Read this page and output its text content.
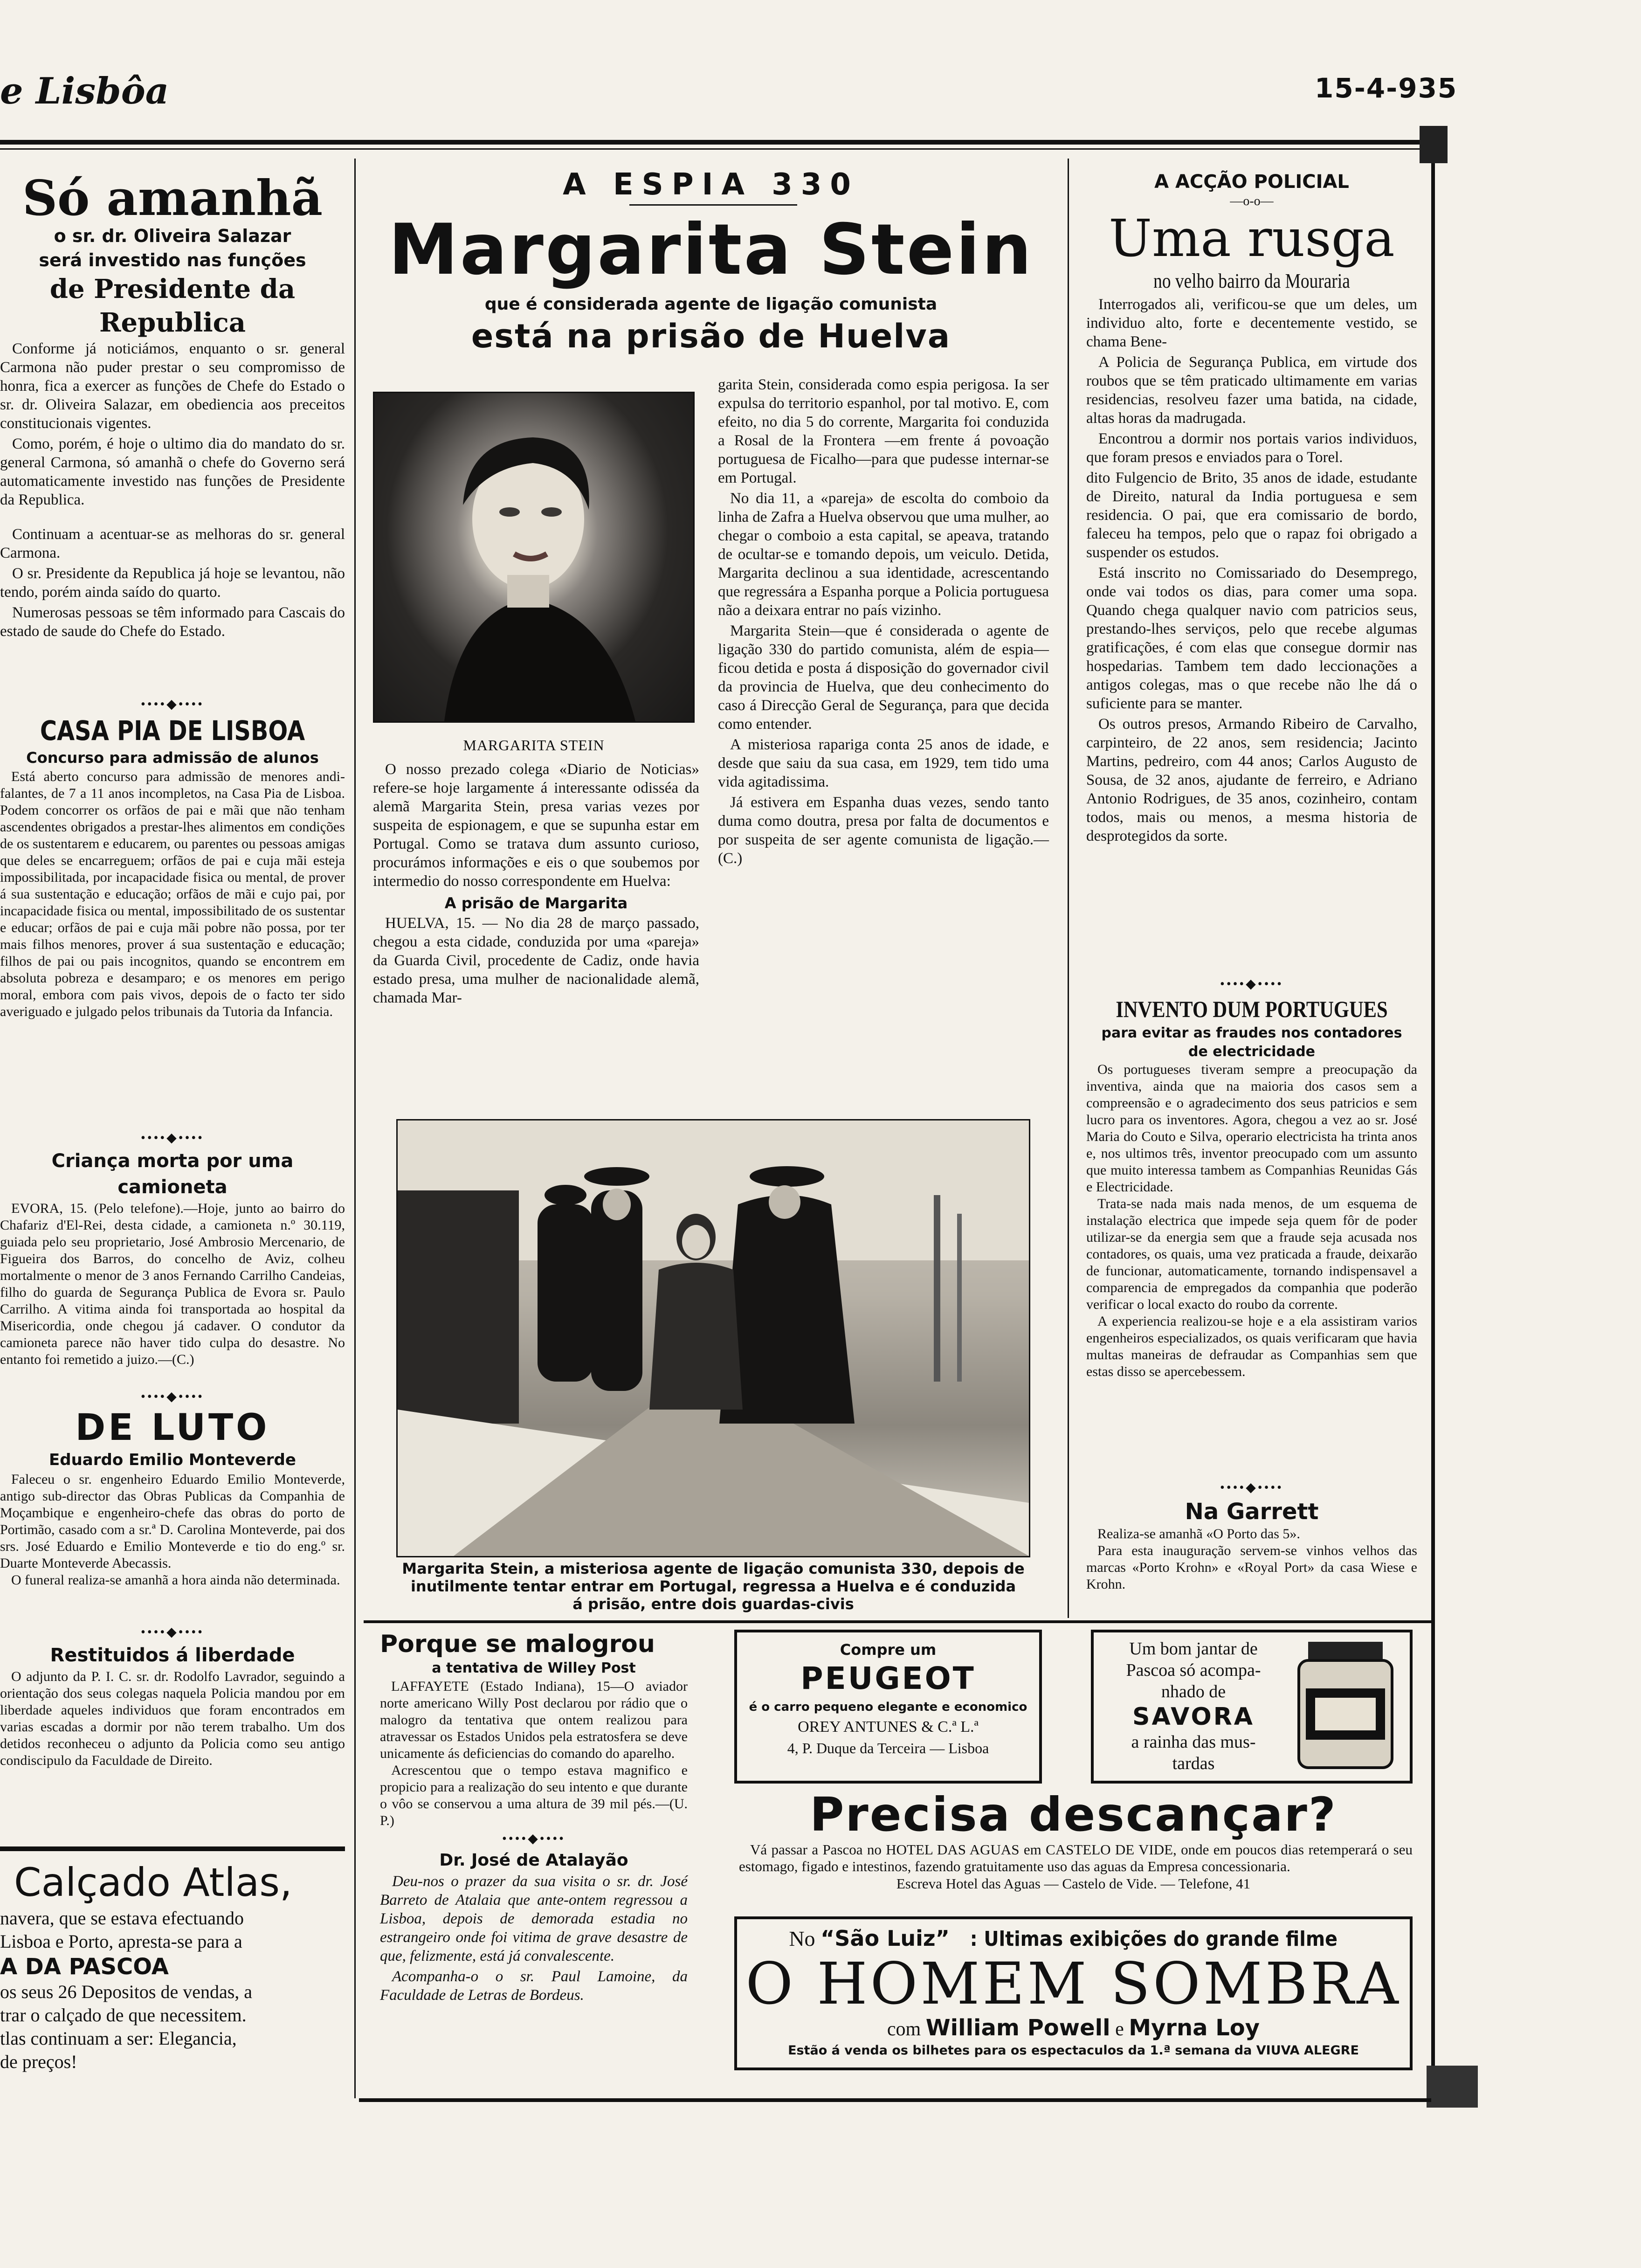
e Lisbôa	15-4-935
Só amanhã
o sr. dr. Oliveira Salazar
será investido nas funções
de Presidente da Republica

Conforme já noticiámos, enquanto o sr. general Carmona não puder prestar o seu compromisso de honra, fica a exercer as funções de Chefe do Estado o sr. dr. Oliveira Salazar, em obediencia aos preceitos constitucionais vigentes.

Como, porém, é hoje o ultimo dia do mandato do sr. general Carmona, só amanhã o chefe do Governo será automaticamente investido nas funções de Presidente da Republica.

Continuam a acentuar-se as melhoras do sr. general Carmona.

O sr. Presidente da Republica já hoje se levantou, não tendo, porém ainda saído do quarto.

Numerosas pessoas se têm informado para Cascais do estado de saude do Chefe do Estado.

••••◆••••
CASA PIA DE LISBOA
Concurso para admissão de alunos

Está aberto concurso para admissão de menores andi-falantes, de 7 a 11 anos incompletos, na Casa Pia de Lisboa. Podem concorrer os orfãos de pai e mãi que não tenham ascendentes obrigados a prestar-lhes alimentos em condições de os sustentarem e educarem, ou parentes ou pessoas amigas que deles se encarreguem; orfãos de pai e cuja mãi esteja impossibilitada, por incapacidade fisica ou mental, de prover á sua sustentação e educação; orfãos de mãi e cujo pai, por incapacidade fisica ou mental, impossibilitado de os sustentar e educar; orfãos de pai e cuja mãi pobre não possa, por ter mais filhos menores, prover á sua sustentação e educação; filhos de pai ou pais incognitos, quando se encontrem em absoluta pobreza e desamparo; e os menores em perigo moral, embora com pais vivos, depois de o facto ter sido averiguado e julgado pelos tribunais da Tutoria da Infancia.

••••◆••••
Criança morta por uma camioneta

EVORA, 15. (Pelo telefone).—Hoje, junto ao bairro do Chafariz d'El-Rei, desta cidade, a camioneta n.º 30.119, guiada pelo seu proprietario, José Ambrosio Mercenario, de Figueira dos Barros, do concelho de Aviz, colheu mortalmente o menor de 3 anos Fernando Carrilho Candeias, filho do guarda de Segurança Publica de Evora sr. Paulo Carrilho. A vitima ainda foi transportada ao hospital da Misericordia, onde chegou já cadaver. O condutor da camioneta parece não haver tido culpa do desastre. No entanto foi remetido a juizo.—(C.)

••••◆••••
DE LUTO
Eduardo Emilio Monteverde

Faleceu o sr. engenheiro Eduardo Emilio Monteverde, antigo sub-director das Obras Publicas da Companhia de Moçambique e engenheiro-chefe das obras do porto de Portimão, casado com a sr.ª D. Carolina Monteverde, pai dos srs. José Eduardo e Emilio Monteverde e tio do eng.º sr. Duarte Monteverde Abecassis.

O funeral realiza-se amanhã a hora ainda não determinada.

••••◆••••
Restituidos á liberdade

O adjunto da P. I. C. sr. dr. Rodolfo Lavrador, seguindo a orientação dos seus colegas naquela Policia mandou por em liberdade aqueles individuos que foram encontrados em varias escadas a dormir por não terem trabalho. Um dos detidos reconheceu o adjunto da Policia como seu antigo condiscipulo da Faculdade de Direito.

Calçado Atlas,
navera, que se estava efectuando
Lisboa e Porto, apresta-se para a
A DA PASCOA
os seus 26 Depositos de vendas, a
trar o calçado de que necessitem.
tlas continuam a ser: Elegancia,
de preços!
A ESPIA 330
Margarita Stein
que é considerada agente de ligação comunista
está na prisão de Huelva
MARGARITA STEIN

O nosso prezado colega «Diario de Noticias» refere-se hoje largamente á interessante odisséa da alemã Margarita Stein, presa varias vezes por suspeita de espionagem, e que se supunha estar em Portugal. Como se tratava dum assunto curioso, procurámos informações e eis o que soubemos por intermedio do nosso correspondente em Huelva:

A prisão de Margarita

HUELVA, 15. — No dia 28 de março passado, chegou a esta cidade, conduzida por uma «pareja» da Guarda Civil, procedente de Cadiz, onde havia estado presa, uma mulher de nacionalidade alemã, chamada Mar-

garita Stein, considerada como espia perigosa. Ia ser expulsa do territorio espanhol, por tal motivo. E, com efeito, no dia 5 do corrente, Margarita foi conduzida a Rosal de la Frontera —em frente á povoação portuguesa de Ficalho—para que pudesse internar-se em Portugal.

No dia 11, a «pareja» de escolta do comboio da linha de Zafra a Huelva observou que uma mulher, ao chegar o comboio a esta capital, se apeava, tratando de ocultar-se e tomando depois, um veiculo. Detida, Margarita declinou a sua identidade, acrescentando que regressára a Espanha porque a Policia portuguesa não a deixara entrar no país vizinho.

Margarita Stein—que é considerada o agente de ligação 330 do partido comunista, além de espia—ficou detida e posta á disposição do governador civil da provincia de Huelva, que deu conhecimento do caso á Direcção Geral de Segurança, para que decida como entender.

A misteriosa rapariga conta 25 anos de idade, e desde que saiu da sua casa, em 1929, tem tido uma vida agitadissima.

Já estivera em Espanha duas vezes, sendo tanto duma como doutra, presa por falta de documentos e por suspeita de ser agente comunista de ligação.—(C.)

Margarita Stein, a misteriosa agente de ligação comunista 330, depois de
inutilmente tentar entrar em Portugal, regressa a Huelva e é conduzida
á prisão, entre dois guardas-civis
Porque se malogrou
a tentativa de Willey Post

LAFFAYETE (Estado Indiana), 15—O aviador norte americano Willy Post declarou por rádio que o malogro da tentativa que ontem realizou para atravessar os Estados Unidos pela estratosfera se deve unicamente ás deficiencias do comando do aparelho.

Acrescentou que o tempo estava magnifico e propicio para a realização do seu intento e que durante o vôo se conservou a uma altura de 39 mil pés.—(U. P.)

••••◆••••
Dr. José de Atalayão

Deu-nos o prazer da sua visita o sr. dr. José Barreto de Atalaia que ante-ontem regressou a Lisboa, depois de demorada estadia no estrangeiro onde foi vitima de grave desastre de que, felizmente, está já convalescente.

Acompanha-o o sr. Paul Lamoine, da Faculdade de Letras de Bordeus.

Compre um
PEUGEOT
é o carro pequeno elegante e economico
OREY ANTUNES & C.ª L.ª
4, P. Duque da Terceira — Lisboa
Um bom jantar de
Pascoa só acompa-
nhado de
SAVORA
a rainha das mus-
tardas
Precisa descançar?

Vá passar a Pascoa no HOTEL DAS AGUAS em CASTELO DE VIDE, onde em poucos dias retemperará o seu estomago, figado e intestinos, fazendo gratuitamente uso das aguas da Empresa concessionaria.

Escreva Hotel das Aguas — Castelo de Vide. — Telefone, 41
No “São Luiz” : Ultimas exibições do grande filme
O HOMEM SOMBRA
com William Powell e Myrna Loy
Estão á venda os bilhetes para os espectaculos da 1.ª semana da VIUVA ALEGRE
A ACÇÃO POLICIAL
—o-o—
Uma rusga
no velho bairro da Mouraria

Interrogados ali, verificou-se que um deles, um individuo alto, forte e decentemente vestido, se chama Bene-

A Policia de Segurança Publica, em virtude dos roubos que se têm praticado ultimamente em varias residencias, resolveu fazer uma batida, na cidade, altas horas da madrugada.

Encontrou a dormir nos portais varios individuos, que foram presos e enviados para o Torel.

dito Fulgencio de Brito, 35 anos de idade, estudante de Direito, natural da India portuguesa e sem residencia. O pai, que era comissario de bordo, faleceu ha tempos, pelo que o rapaz foi obrigado a suspender os estudos.

Está inscrito no Comissariado do Desemprego, onde vai todos os dias, para comer uma sopa. Quando chega qualquer navio com patricios seus, prestando-lhes serviços, pelo que recebe algumas gratificações, é com elas que consegue dormir nas hospedarias. Tambem tem dado leccionações a antigos colegas, mas o que recebe não lhe dá o suficiente para se manter.

Os outros presos, Armando Ribeiro de Carvalho, carpinteiro, de 22 anos, sem residencia; Jacinto Martins, pedreiro, com 44 anos; Carlos Augusto de Sousa, de 32 anos, ajudante de ferreiro, e Adriano Antonio Rodrigues, de 35 anos, cozinheiro, contam todos, mais ou menos, a mesma historia de desprotegidos da sorte.

••••◆••••
INVENTO DUM PORTUGUES
para evitar as fraudes nos contadores
de electricidade

Os portugueses tiveram sempre a preocupação da inventiva, ainda que na maioria dos casos sem a compreensão e o agradecimento dos seus patricios e sem lucro para os inventores. Agora, chegou a vez ao sr. José Maria do Couto e Silva, operario electricista ha trinta anos e, nos ultimos três, inventor preocupado com um assunto que muito interessa tambem as Companhias Reunidas Gás e Electricidade.

Trata-se nada mais nada menos, de um esquema de instalação electrica que impede seja quem fôr de poder utilizar-se da energia sem que a fraude seja acusada nos contadores, os quais, uma vez praticada a fraude, deixarão de funcionar, automaticamente, tornando indispensavel a comparencia de empregados da companhia que poderão verificar o local exacto do roubo da corrente.

A experiencia realizou-se hoje e a ela assistiram varios engenheiros especializados, os quais verificaram que havia multas maneiras de defraudar as Companhias sem que estas disso se apercebessem.

••••◆••••
Na Garrett

Realiza-se amanhã «O Porto das 5».

Para esta inauguração servem-se vinhos velhos das marcas «Porto Krohn» e «Royal Port» da casa Wiese e Krohn.
